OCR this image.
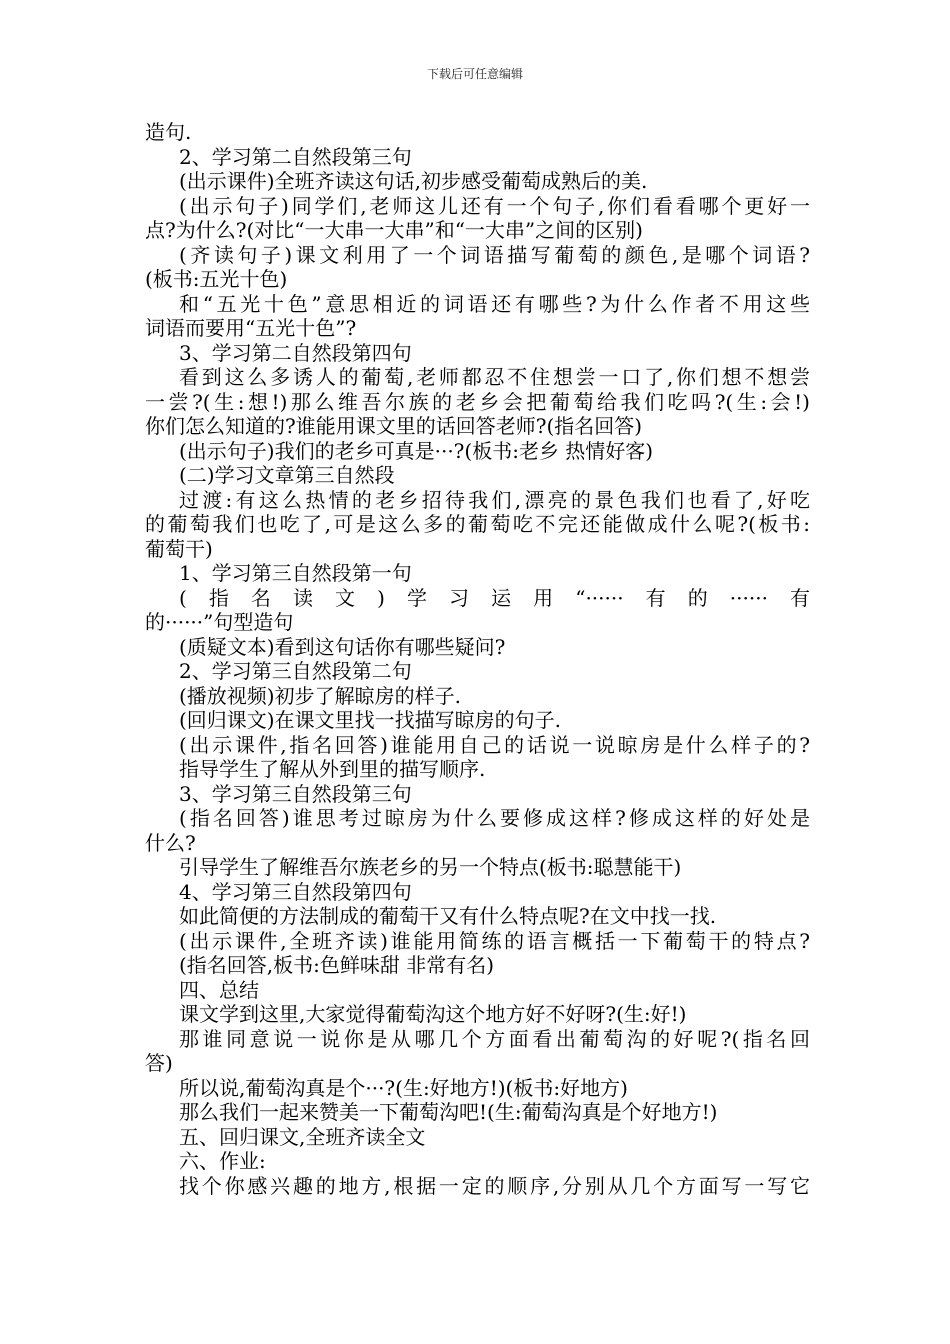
下载后可任意编辑
造句.
2、学习第二自然段第三句
(出示课件)全班齐读这句话,初步感受葡萄成熟后的美.
(出示句子)同学们,老师这儿还有一个句子,你们看看哪个更好一
点?为什么?(对比“一大串一大串”和“一大串”之间的区别)
(齐读句子)课文利用了一个词语描写葡萄的颜色,是哪个词语?
(板书:五光十色)
和“五光十色”意思相近的词语还有哪些?为什么作者不用这些
词语而要用“五光十色”?
3、学习第二自然段第四句
看到这么多诱人的葡萄,老师都忍不住想尝一口了,你们想不想尝
一尝?(生:想!)那么维吾尔族的老乡会把葡萄给我们吃吗?(生:会!)
你们怎么知道的?谁能用课文里的话回答老师?(指名回答)
(出示句子)我们的老乡可真是···?(板书:老乡 热情好客)
(二)学习文章第三自然段
过渡:有这么热情的老乡招待我们,漂亮的景色我们也看了,好吃
的葡萄我们也吃了,可是这么多的葡萄吃不完还能做成什么呢?(板书:
葡萄干)
1、学习第三自然段第一句
(指名读文)学习运用“······有的······有
的······”句型造句
(质疑文本)看到这句话你有哪些疑问?
2、学习第三自然段第二句
(播放视频)初步了解晾房的样子.
(回归课文)在课文里找一找描写晾房的句子.
(出示课件,指名回答)谁能用自己的话说一说晾房是什么样子的?
指导学生了解从外到里的描写顺序.
3、学习第三自然段第三句
(指名回答)谁思考过晾房为什么要修成这样?修成这样的好处是
什么?
引导学生了解维吾尔族老乡的另一个特点(板书:聪慧能干)
4、学习第三自然段第四句
如此简便的方法制成的葡萄干又有什么特点呢?在文中找一找.
(出示课件,全班齐读)谁能用简练的语言概括一下葡萄干的特点?
(指名回答,板书:色鲜味甜 非常有名)
四、总结
课文学到这里,大家觉得葡萄沟这个地方好不好呀?(生:好!)
那谁同意说一说你是从哪几个方面看出葡萄沟的好呢?(指名回
答)
所以说,葡萄沟真是个···?(生:好地方!)(板书:好地方)
那么我们一起来赞美一下葡萄沟吧!(生:葡萄沟真是个好地方!)
五、回归课文,全班齐读全文
六、作业:
找个你感兴趣的地方,根据一定的顺序,分别从几个方面写一写它
